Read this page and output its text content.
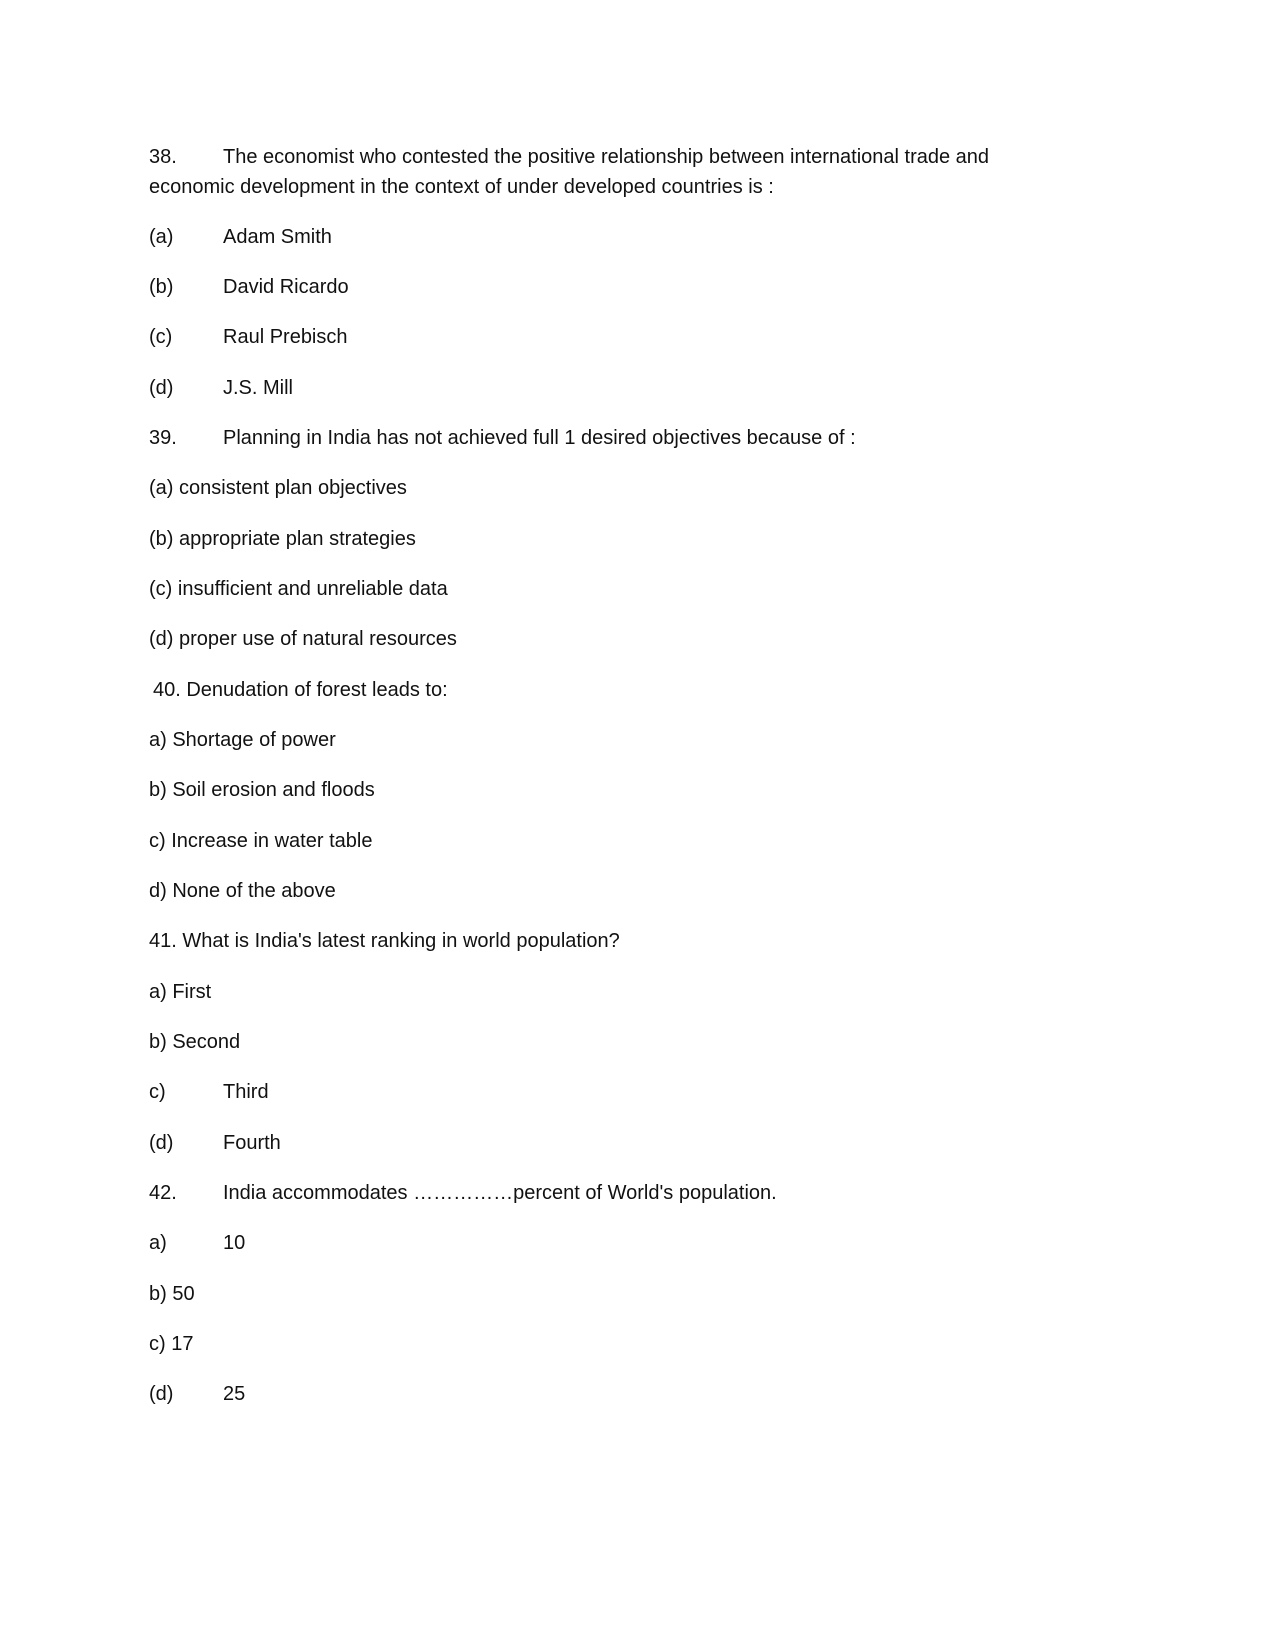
38. The economist who contested the positive relationship between international trade and
economic development in the context of under developed countries is :
(a) Adam Smith
(b) David Ricardo
(c)	Raul Prebisch
(d) J.S. Mill
39. Planning in India has not achieved full 1 desired objectives because of :
(a) consistent plan objectives
(b) appropriate plan strategies
(c) insufficient and unreliable data
(d) proper use of natural resources
40. Denudation of forest leads to:
a) Shortage of power
b) Soil erosion and floods
c) Increase in water table
d) None of the above
41. What is India's latest ranking in world population?
a) First
b) Second
c)	Third
(d) Fourth
42. India accommodates ……………percent of World's population.
a)	10
b) 50
c) 17
(d) 25
